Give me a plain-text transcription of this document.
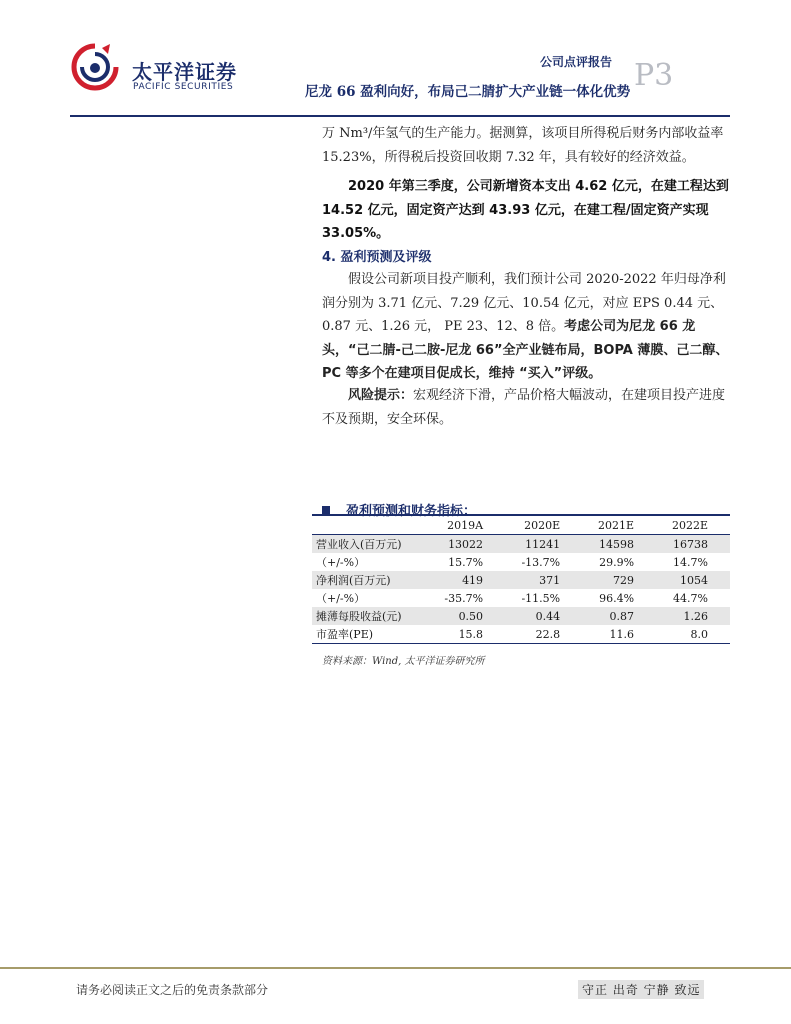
太平洋证券
PACIFIC SECURITIES
公司点评报告
尼龙 66 盈利向好，布局己二腈扩大产业链一体化优势 P3
万 Nm³/年氢气的生产能力。据测算，该项目所得税后财务内部收益率15.23%，所得税后投资回收期 7.32 年，具有较好的经济效益。
2020 年第三季度，公司新增资本支出 4.62 亿元，在建工程达到 14.52 亿元，固定资产达到 43.93 亿元，在建工程/固定资产实现 33.05%。
4. 盈利预测及评级
假设公司新项目投产顺利，我们预计公司 2020-2022 年归母净利润分别为 3.71 亿元、7.29 亿元、10.54 亿元，对应 EPS 0.44 元、0.87 元、1.26 元， PE 23、12、8 倍。考虑公司为尼龙 66 龙头，“己二腈-己二胺-尼龙 66”全产业链布局，BOPA 薄膜、己二醇、PC 等多个在建项目促成长，维持 “买入”评级。
风险提示：宏观经济下滑，产品价格大幅波动，在建项目投产进度不及预期，安全环保。
盈利预测和财务指标：
	2019A	2020E	2021E	2022E
营业收入(百万元)	13022	11241	14598	16738
（+/-%）	15.7%	-13.7%	29.9%	14.7%
净利润(百万元)	419	371	729	1054
（+/-%）	-35.7%	-11.5%	96.4%	44.7%
摊薄每股收益(元)	0.50	0.44	0.87	1.26
市盈率(PE)	15.8	22.8	11.6	8.0
资料来源：Wind, 太平洋证券研究所
请务必阅读正文之后的免责条款部分	守正 出奇 宁静 致远
